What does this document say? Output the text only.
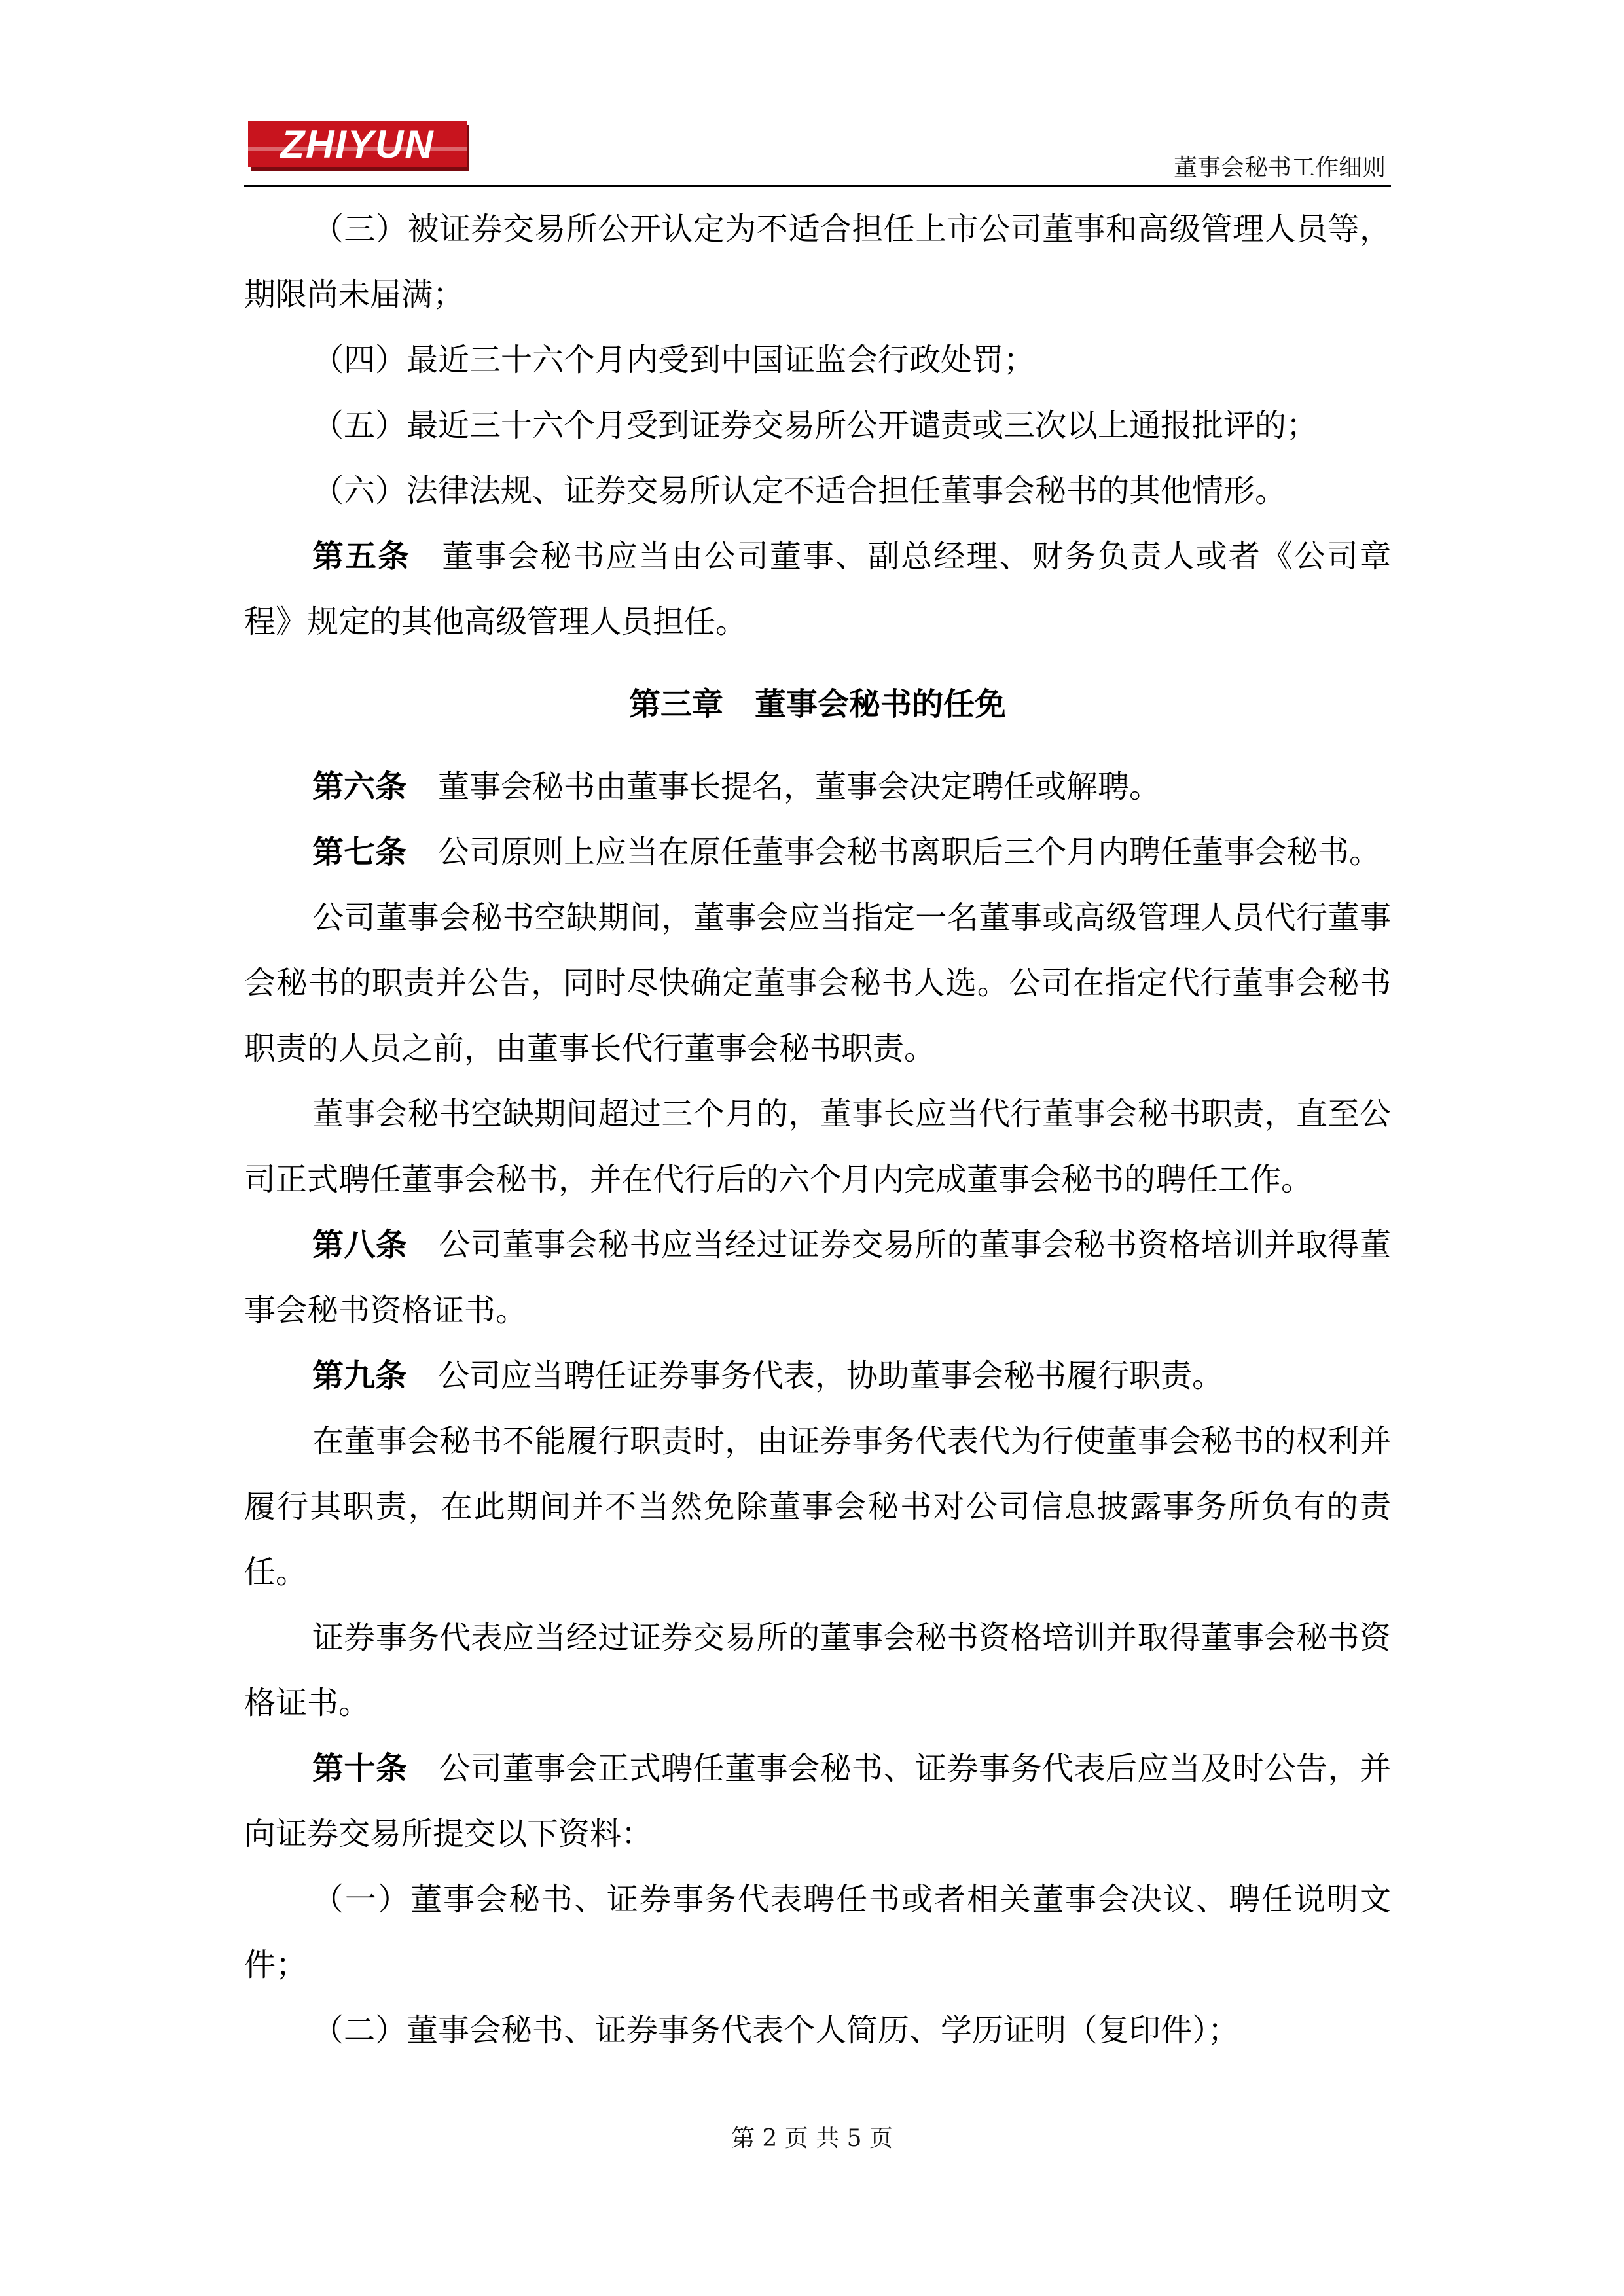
ZHIYUN
董事会秘书工作细则

（三）被证券交易所公开认定为不适合担任上市公司董事和高级管理人员等，期限尚未届满；

（四）最近三十六个月内受到中国证监会行政处罚；

（五）最近三十六个月受到证券交易所公开谴责或三次以上通报批评的；

（六）法律法规、证券交易所认定不适合担任董事会秘书的其他情形。

第五条 董事会秘书应当由公司董事、副总经理、财务负责人或者《公司章程》规定的其他高级管理人员担任。

第三章 董事会秘书的任免

第六条 董事会秘书由董事长提名，董事会决定聘任或解聘。

第七条 公司原则上应当在原任董事会秘书离职后三个月内聘任董事会秘书。

公司董事会秘书空缺期间，董事会应当指定一名董事或高级管理人员代行董事会秘书的职责并公告，同时尽快确定董事会秘书人选。公司在指定代行董事会秘书职责的人员之前，由董事长代行董事会秘书职责。

董事会秘书空缺期间超过三个月的，董事长应当代行董事会秘书职责，直至公司正式聘任董事会秘书，并在代行后的六个月内完成董事会秘书的聘任工作。

第八条 公司董事会秘书应当经过证券交易所的董事会秘书资格培训并取得董事会秘书资格证书。

第九条 公司应当聘任证券事务代表，协助董事会秘书履行职责。

在董事会秘书不能履行职责时，由证券事务代表代为行使董事会秘书的权利并履行其职责，在此期间并不当然免除董事会秘书对公司信息披露事务所负有的责任。

证券事务代表应当经过证券交易所的董事会秘书资格培训并取得董事会秘书资格证书。

第十条 公司董事会正式聘任董事会秘书、证券事务代表后应当及时公告，并向证券交易所提交以下资料：

（一）董事会秘书、证券事务代表聘任书或者相关董事会决议、聘任说明文件；

（二）董事会秘书、证券事务代表个人简历、学历证明（复印件）；

第 2 页 共 5 页
